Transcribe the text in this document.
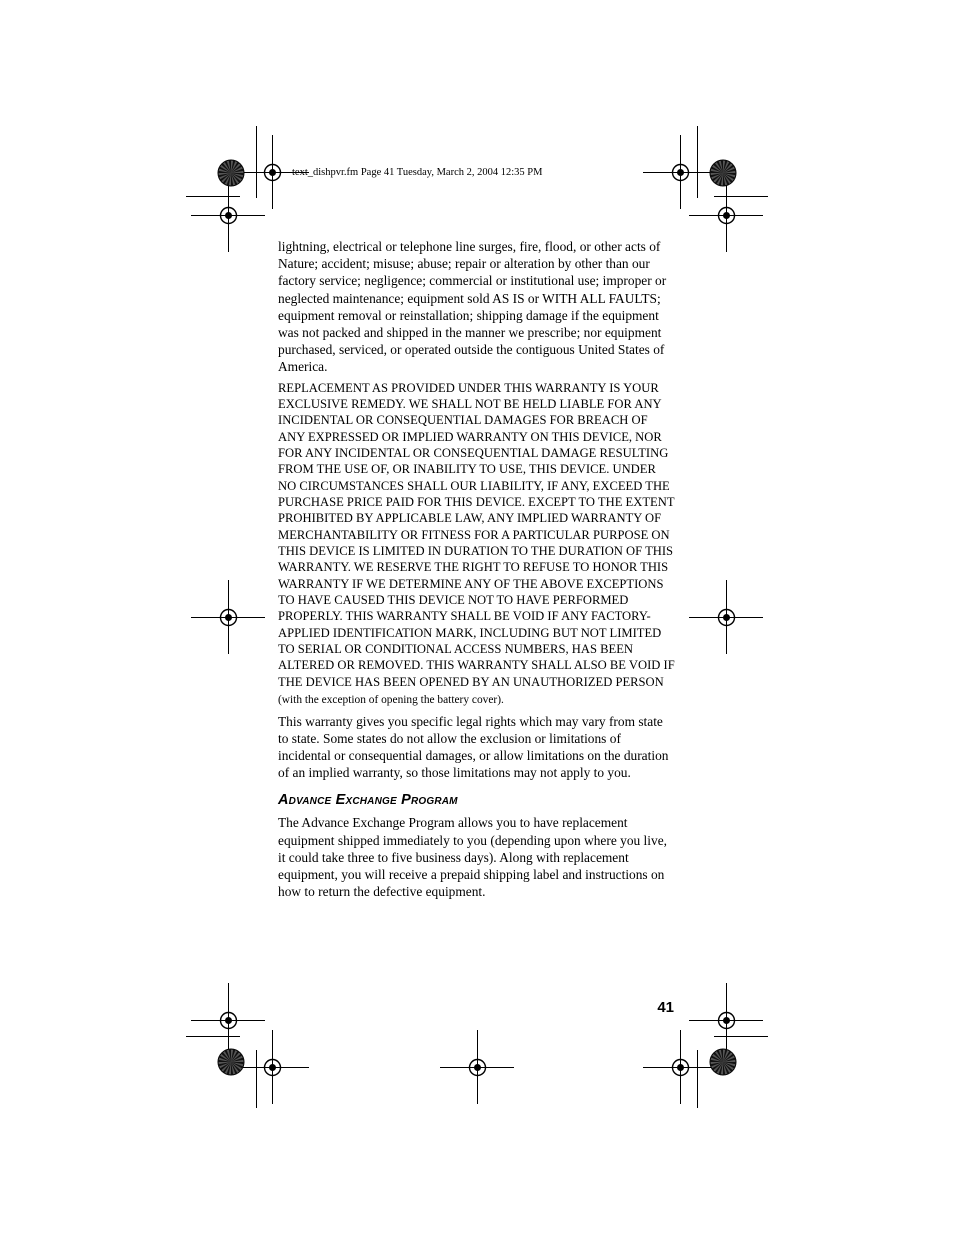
text_dishpvr.fm Page 41 Tuesday, March 2, 2004 12:35 PM

lightning, electrical or telephone line surges, fire, flood, or other acts of Nature; accident; misuse; abuse; repair or alteration by other than our factory service; negligence; commercial or institutional use; improper or neglected maintenance; equipment sold AS IS or WITH ALL FAULTS; equipment removal or reinstallation; shipping damage if the equipment was not packed and shipped in the manner we prescribe; nor equipment purchased, serviced, or operated outside the contiguous United States of America.

REPLACEMENT AS PROVIDED UNDER THIS WARRANTY IS YOUR EXCLUSIVE REMEDY. WE SHALL NOT BE HELD LIABLE FOR ANY INCIDENTAL OR CONSEQUENTIAL DAMAGES FOR BREACH OF ANY EXPRESSED OR IMPLIED WARRANTY ON THIS DEVICE, NOR FOR ANY INCIDENTAL OR CONSEQUENTIAL DAMAGE RESULTING FROM THE USE OF, OR INABILITY TO USE, THIS DEVICE. UNDER NO CIRCUMSTANCES SHALL OUR LIABILITY, IF ANY, EXCEED THE PURCHASE PRICE PAID FOR THIS DEVICE. EXCEPT TO THE EXTENT PROHIBITED BY APPLICABLE LAW, ANY IMPLIED WARRANTY OF MERCHANTABILITY OR FITNESS FOR A PARTICULAR PURPOSE ON THIS DEVICE IS LIMITED IN DURATION TO THE DURATION OF THIS WARRANTY. WE RESERVE THE RIGHT TO REFUSE TO HONOR THIS WARRANTY IF WE DETERMINE ANY OF THE ABOVE EXCEPTIONS TO HAVE CAUSED THIS DEVICE NOT TO HAVE PERFORMED PROPERLY. THIS WARRANTY SHALL BE VOID IF ANY FACTORY-APPLIED IDENTIFICATION MARK, INCLUDING BUT NOT LIMITED TO SERIAL OR CONDITIONAL ACCESS NUMBERS, HAS BEEN ALTERED OR REMOVED. THIS WARRANTY SHALL ALSO BE VOID IF THE DEVICE HAS BEEN OPENED BY AN UNAUTHORIZED PERSON (with the exception of opening the battery cover).

This warranty gives you specific legal rights which may vary from state to state. Some states do not allow the exclusion or limitations of incidental or consequential damages, or allow limitations on the duration of an implied warranty, so those limitations may not apply to you.

Advance Exchange Program

The Advance Exchange Program allows you to have replacement equipment shipped immediately to you (depending upon where you live, it could take three to five business days). Along with replacement equipment, you will receive a prepaid shipping label and instructions on how to return the defective equipment.

41
